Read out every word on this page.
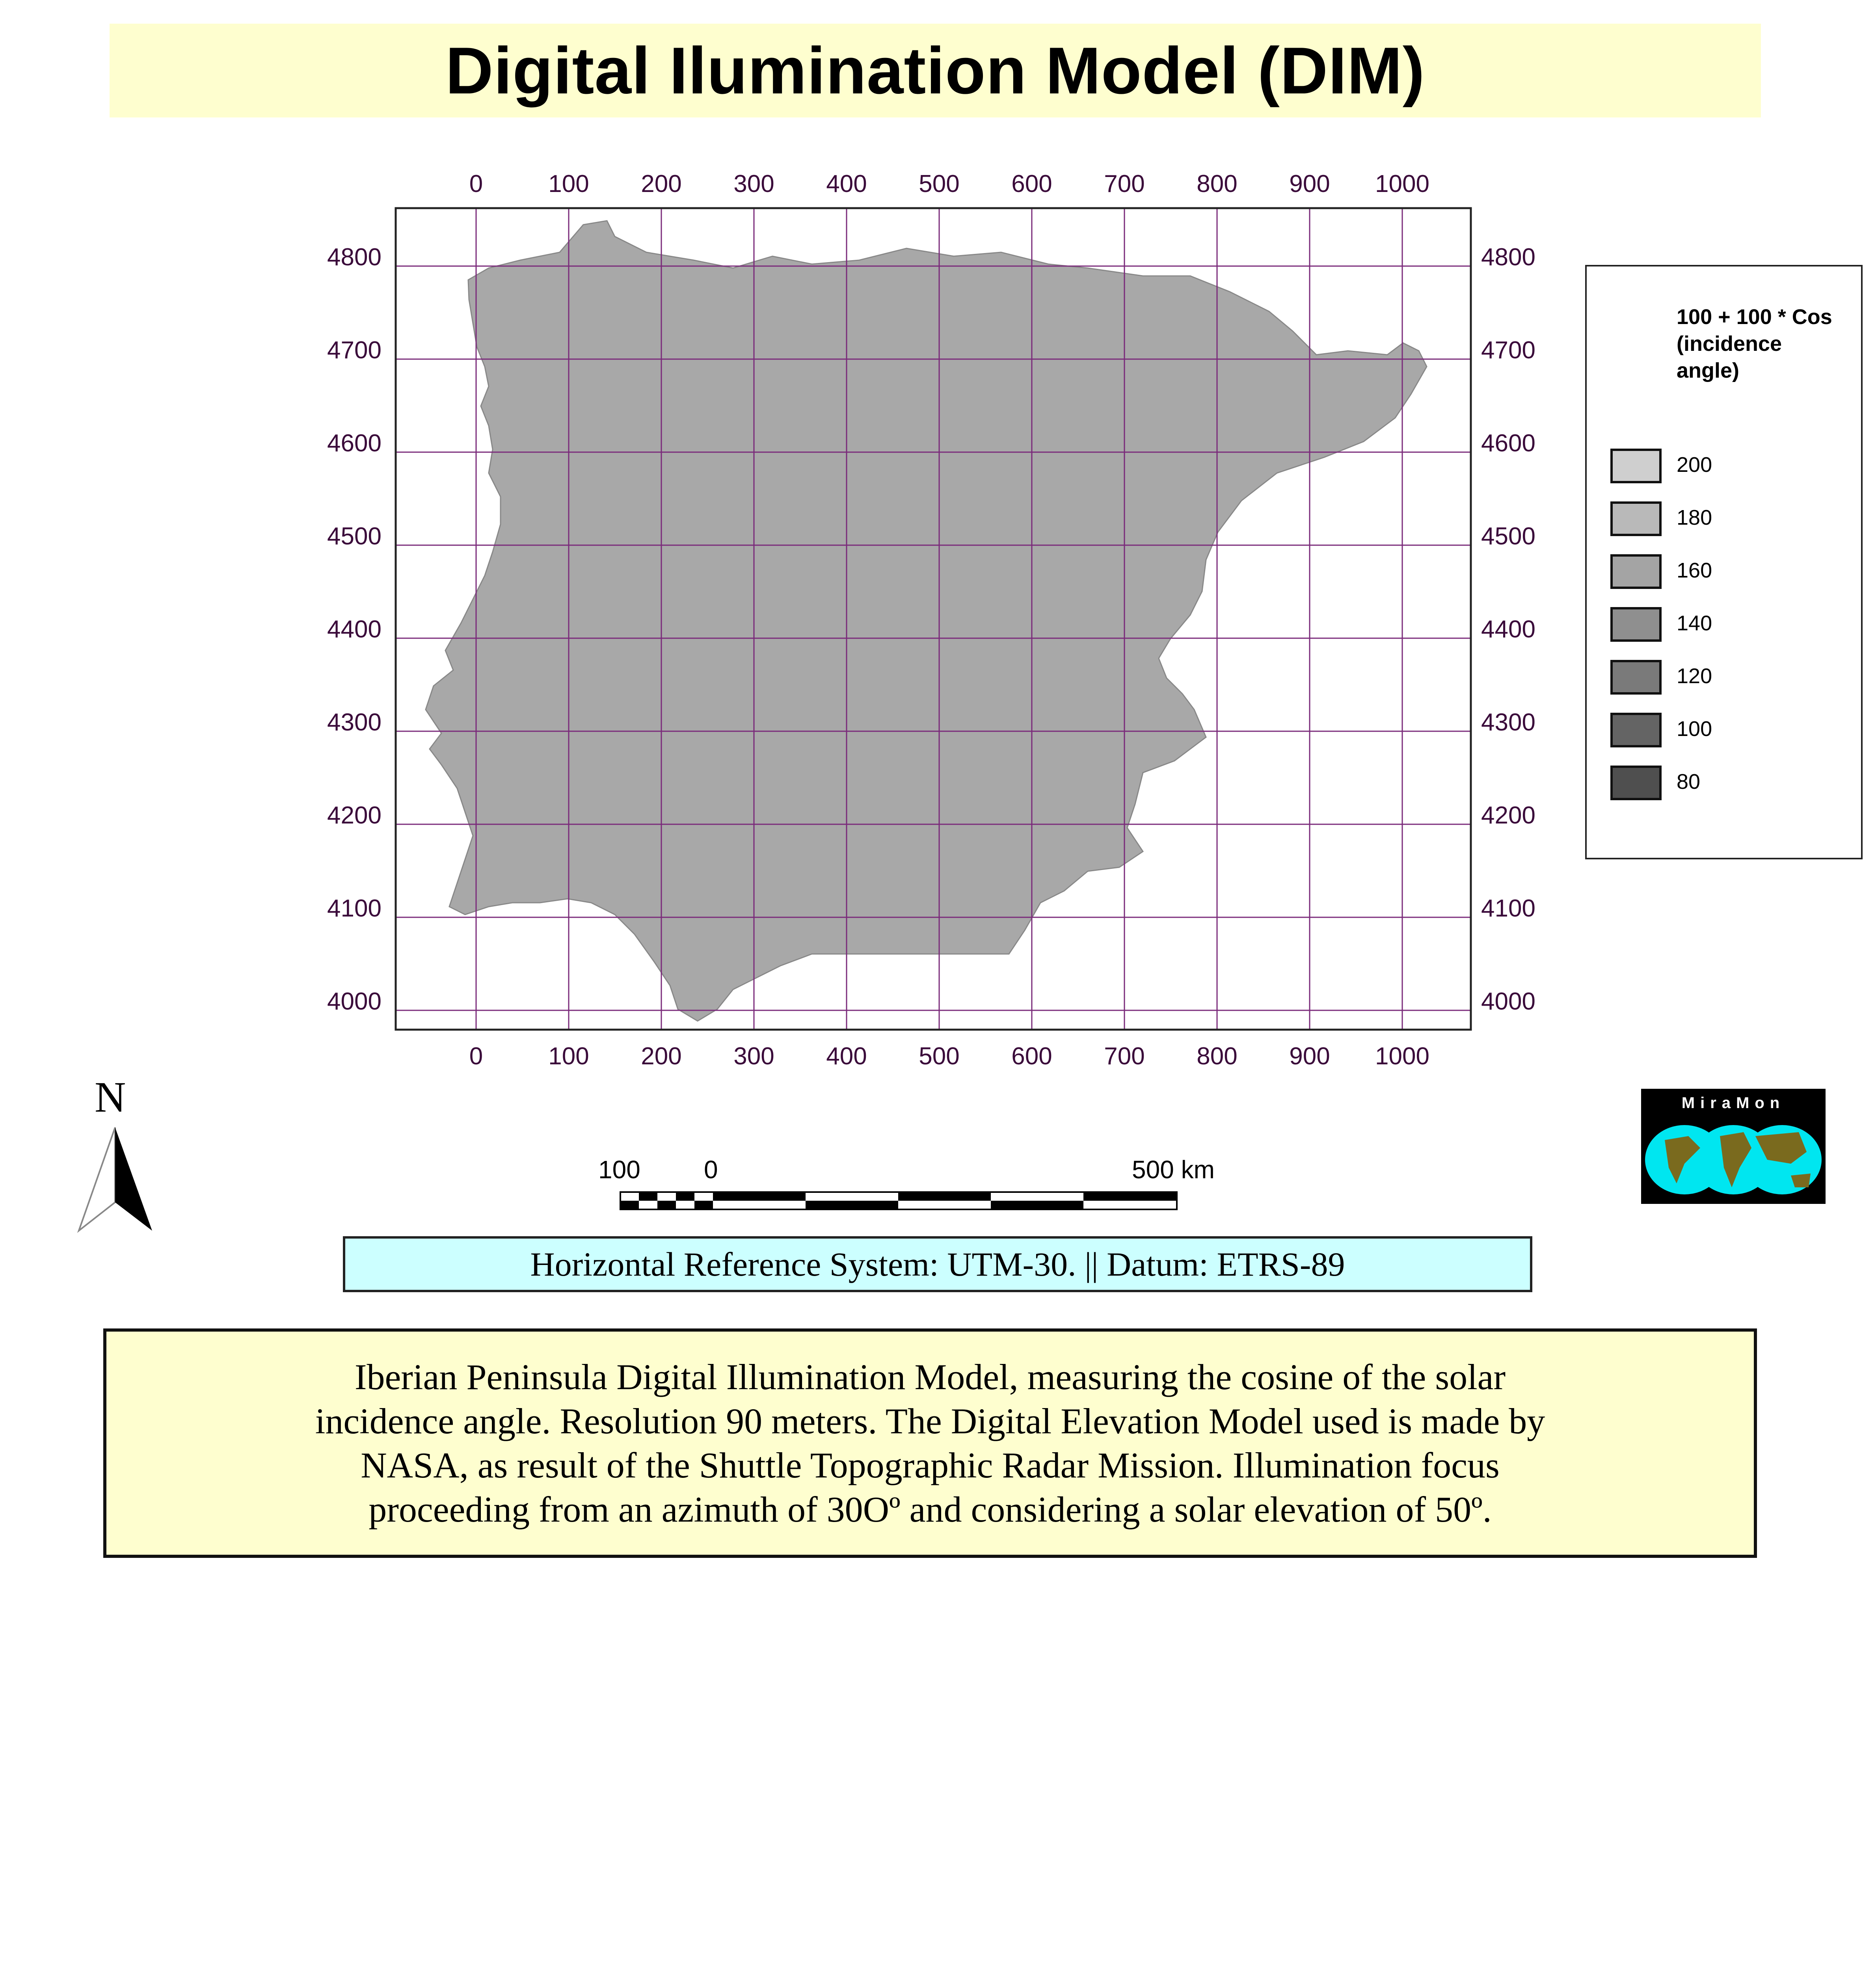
Digital Ilumination Model (DIM)
0
0
100
100
200
200
300
300
400
400
500
500
600
600
700
700
800
800
900
900
1000
1000
4800	4800
4700	4700
4600	4600
4500	4500
4400	4400
4300	4300
4200	4200
4100	4100
4000	4000
100 + 100 * Cos (incidence angle)
200
180
160
140
120
100
80
N
100	0	500 km
MiraMon
Horizontal Reference System: UTM-30. || Datum: ETRS-89
Iberian Peninsula Digital Illumination Model, measuring the cosine of the solar
incidence angle. Resolution 90 meters. The Digital Elevation Model used is made by
NASA, as result of the Shuttle Topographic Radar Mission. Illumination focus
proceeding from an azimuth of 30Oº and considering a solar elevation of 50º.
